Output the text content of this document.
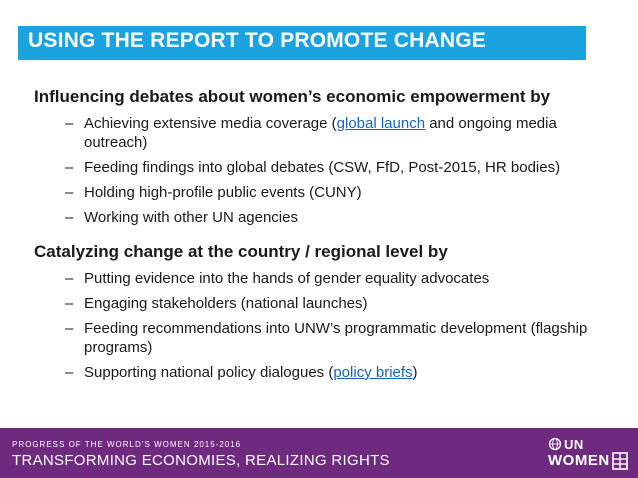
USING THE REPORT TO PROMOTE CHANGE

Influencing debates about women’s economic empowerment by

– Achieving extensive media coverage (global launch and ongoing media outreach)
– Feeding findings into global debates (CSW, FfD, Post-2015, HR bodies)
– Holding high-profile public events (CUNY)
– Working with other UN agencies

Catalyzing change at the country / regional level by

– Putting evidence into the hands of gender equality advocates
– Engaging stakeholders (national launches)
– Feeding recommendations into UNW’s programmatic development (flagship programs)
– Supporting national policy dialogues (policy briefs)
PROGRESS OF THE WORLD’S WOMEN 2015-2016
TRANSFORMING ECONOMIES, REALIZING RIGHTS
UN
WOMEN
